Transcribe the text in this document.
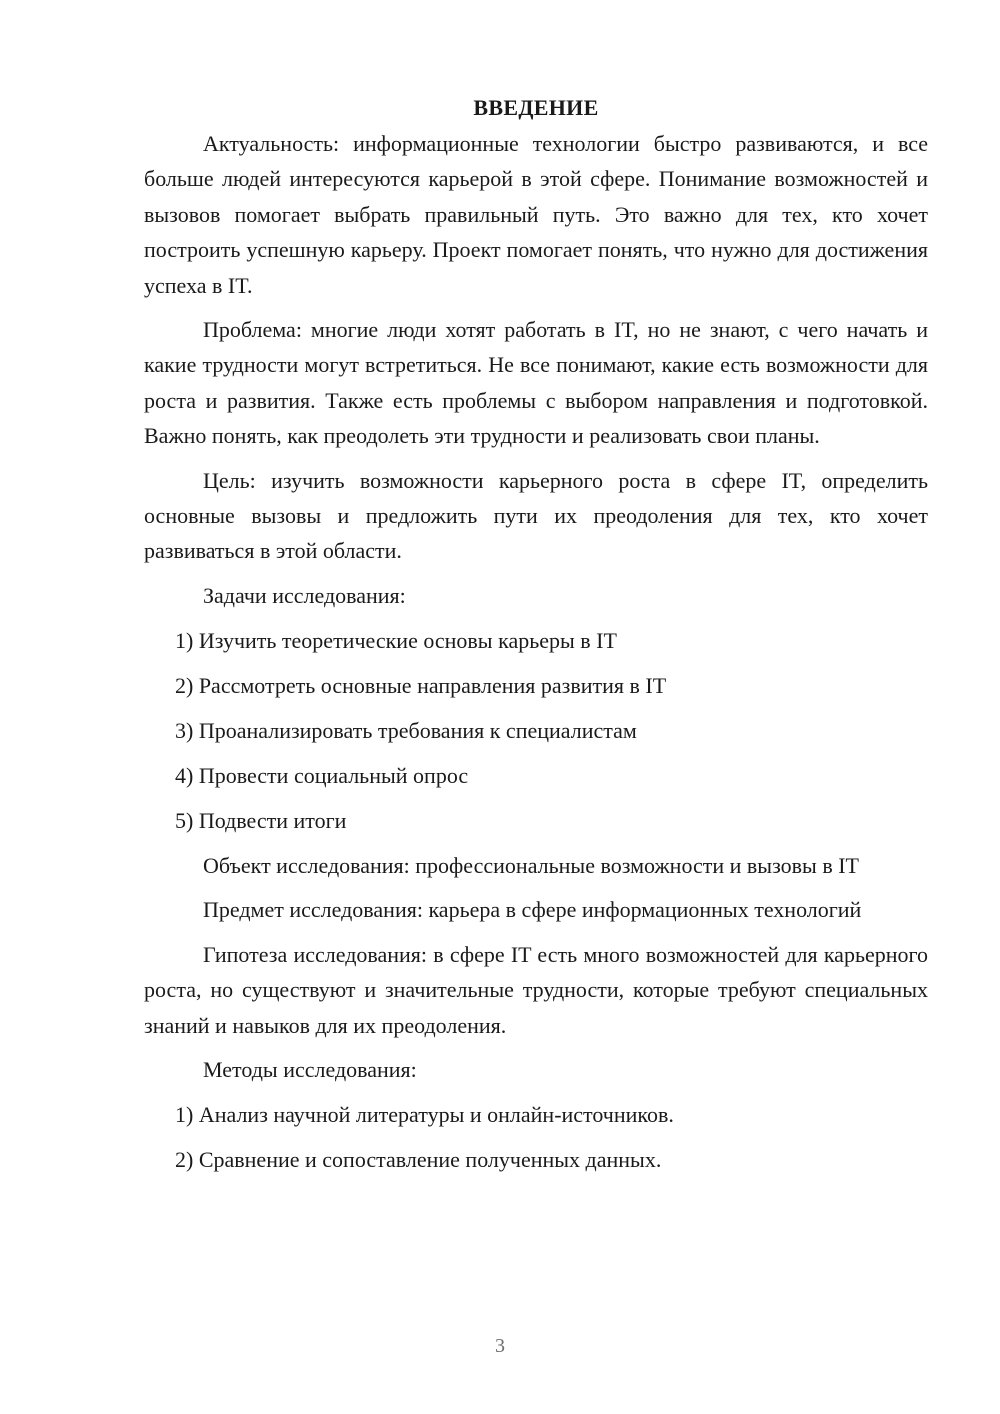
ВВЕДЕНИЕ

Актуальность: информационные технологии быстро развиваются, и все больше людей интересуются карьерой в этой сфере. Понимание возможностей и вызовов помогает выбрать правильный путь. Это важно для тех, кто хочет построить успешную карьеру. Проект помогает понять, что нужно для достижения успеха в IT.

Проблема: многие люди хотят работать в IT, но не знают, с чего начать и какие трудности могут встретиться. Не все понимают, какие есть возможности для роста и развития. Также есть проблемы с выбором направления и подготовкой. Важно понять, как преодолеть эти трудности и реализовать свои планы.

Цель: изучить возможности карьерного роста в сфере IT, определить основные вызовы и предложить пути их преодоления для тех, кто хочет развиваться в этой области.

Задачи исследования:

1) Изучить теоретические основы карьеры в IT

2) Рассмотреть основные направления развития в IT

3) Проанализировать требования к специалистам

4) Провести социальный опрос

5) Подвести итоги

Объект исследования: профессиональные возможности и вызовы в IT

Предмет исследования: карьера в сфере информационных технологий

Гипотеза исследования: в сфере IT есть много возможностей для карьерного роста, но существуют и значительные трудности, которые требуют специальных знаний и навыков для их преодоления.

Методы исследования:

1) Анализ научной литературы и онлайн-источников.

2) Сравнение и сопоставление полученных данных.

3
